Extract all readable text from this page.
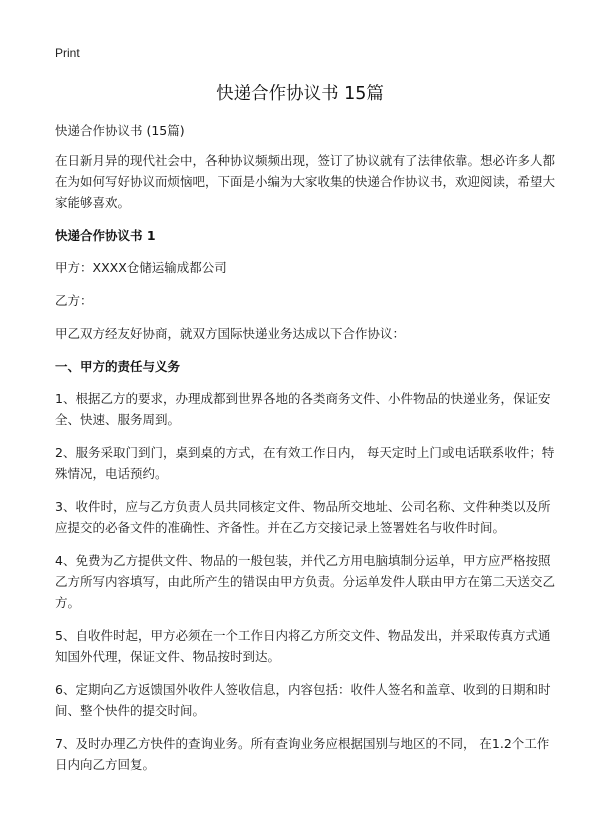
Print
快递合作协议书 15篇

快递合作协议书 (15篇)

在日新月异的现代社会中，各种协议频频出现，签订了协议就有了法律依靠。想必许多人都在为如何写好协议而烦恼吧，下面是小编为大家收集的快递合作协议书，欢迎阅读，希望大家能够喜欢。

快递合作协议书 1

甲方：XXXX仓储运输成都公司

乙方：

甲乙双方经友好协商，就双方国际快递业务达成以下合作协议：

一、甲方的责任与义务

1、根据乙方的要求，办理成都到世界各地的各类商务文件、小件物品的快递业务，保证安全、快速、服务周到。

2、服务采取门到门，桌到桌的方式，在有效工作日内， 每天定时上门或电话联系收件；特殊情况，电话预约。

3、收件时，应与乙方负责人员共同核定文件、物品所交地址、公司名称、文件种类以及所应提交的必备文件的准确性、齐备性。并在乙方交接记录上签署姓名与收件时间。

4、免费为乙方提供文件、物品的一般包装，并代乙方用电脑填制分运单，甲方应严格按照乙方所写内容填写，由此所产生的错误由甲方负责。分运单发件人联由甲方在第二天送交乙方。

5、自收件时起，甲方必须在一个工作日内将乙方所交文件、物品发出，并采取传真方式通知国外代理，保证文件、物品按时到达。

6、定期向乙方返馈国外收件人签收信息，内容包括：收件人签名和盖章、收到的日期和时间、整个快件的提交时间。

7、及时办理乙方快件的查询业务。所有查询业务应根据国别与地区的不同， 在1.2个工作日内向乙方回复。
